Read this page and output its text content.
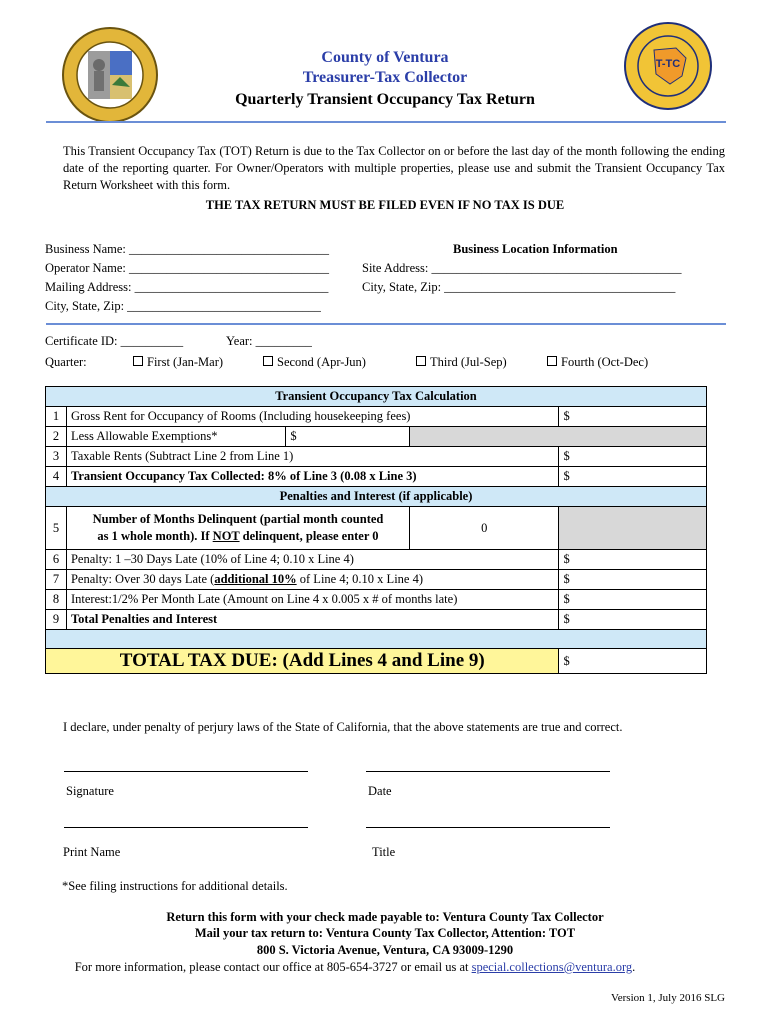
T-TC
County of Ventura
Treasurer-Tax Collector
Quarterly Transient Occupancy Tax Return
This Transient Occupancy Tax (TOT) Return is due to the Tax Collector on or before the last day of the month following the ending date of the reporting quarter. For Owner/Operators with multiple properties, please use and submit the Transient Occupancy Tax Return Worksheet with this form.
THE TAX RETURN MUST BE FILED EVEN IF NO TAX IS DUE
Business Name: ________________________________	Business Location Information
Operator Name: ________________________________	Site Address: ________________________________________
Mailing Address: _______________________________	City, State, Zip: _____________________________________
City, State, Zip: _______________________________
Certificate ID: __________	Year: _________
Quarter:	First (Jan-Mar)	Second (Apr-Jun)	Third (Jul-Sep)	Fourth (Oct-Dec)
Transient Occupancy Tax Calculation				
1	Gross Rent for Occupancy of Rooms (Including housekeeping fees)			$
2	Less Allowable Exemptions*	$		
3	Taxable Rents (Subtract Line 2 from Line 1)			$
4	Transient Occupancy Tax Collected: 8% of Line 3 (0.08 x Line 3)			$
Penalties and Interest (if applicable)				
5	Number of Months Delinquent (partial month counted
as 1 whole month). If NOT delinquent, please enter 0		0	
6	Penalty: 1 –30 Days Late (10% of Line 4; 0.10 x Line 4)			$
7	Penalty: Over 30 days Late (additional 10% of Line 4; 0.10 x Line 4)			$
8	Interest:1/2% Per Month Late (Amount on Line 4 x 0.005 x # of months late)			$
9	Total Penalties and Interest			$

TOTAL TAX DUE: (Add Lines 4 and Line 9)				$
I declare, under penalty of perjury laws of the State of California, that the above statements are true and correct.
Signature	Date
Print Name	Title
*See filing instructions for additional details.
Return this form with your check made payable to: Ventura County Tax Collector
Mail your tax return to: Ventura County Tax Collector, Attention: TOT
800 S. Victoria Avenue, Ventura, CA 93009-1290
For more information, please contact our office at 805-654-3727 or email us at special.collections@ventura.org.
Version 1, July 2016 SLG
